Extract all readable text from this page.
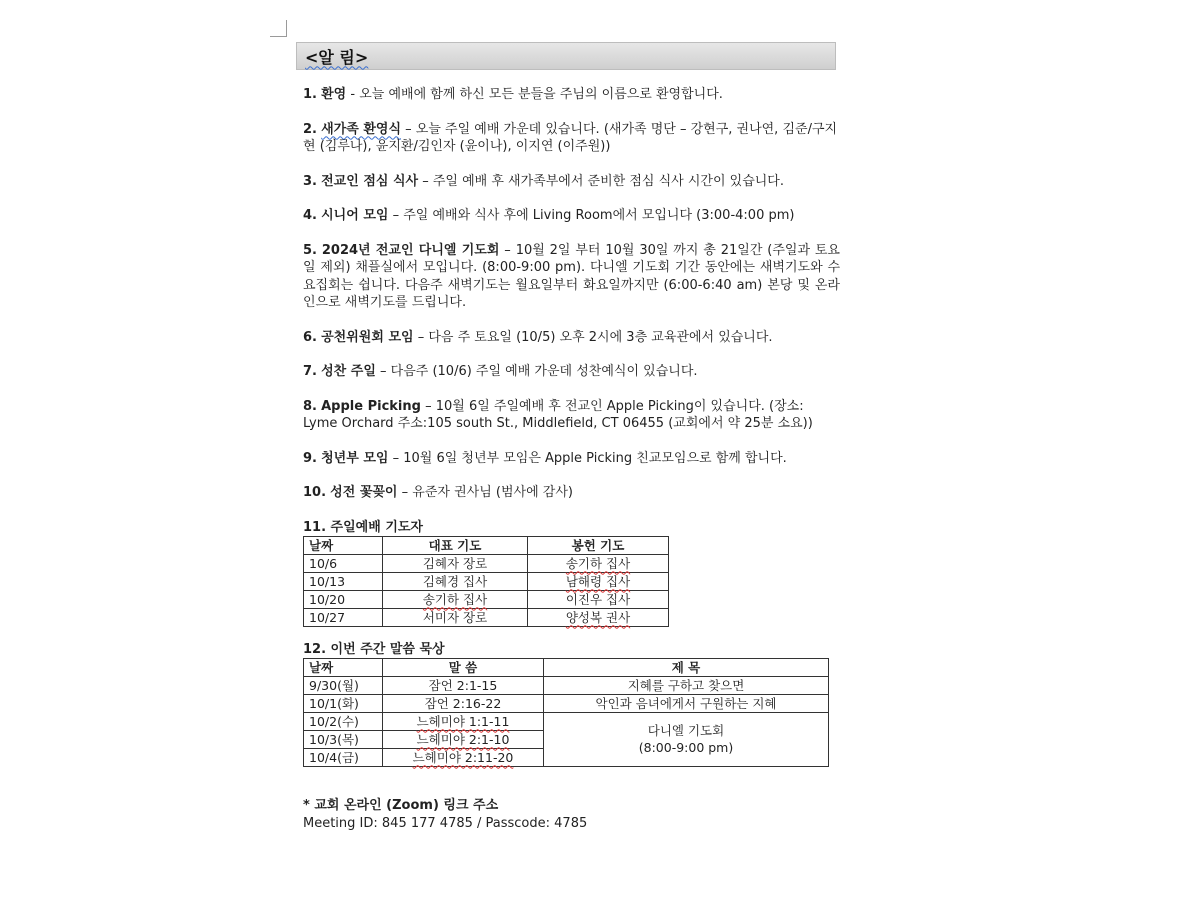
<알 림>

1. 환영 - 오늘 예배에 함께 하신 모든 분들을 주님의 이름으로 환영합니다.

2. 새가족 환영식 – 오늘 주일 예배 가운데 있습니다. (새가족 명단 – 강현구, 권나연, 김준/구지현 (김루나), 윤지환/김인자 (윤이나), 이지연 (이주원))

3. 전교인 점심 식사 – 주일 예배 후 새가족부에서 준비한 점심 식사 시간이 있습니다.

4. 시니어 모임 – 주일 예배와 식사 후에 Living Room에서 모입니다 (3:00-4:00 pm)

5. 2024년 전교인 다니엘 기도회 – 10월 2일 부터 10월 30일 까지 총 21일간 (주일과 토요일 제외) 채플실에서 모입니다. (8:00-9:00 pm). 다니엘 기도회 기간 동안에는 새벽기도와 수요집회는 쉽니다. 다음주 새벽기도는 월요일부터 화요일까지만 (6:00-6:40 am) 본당 및 온라인으로 새벽기도를 드립니다.

6. 공천위원회 모임 – 다음 주 토요일 (10/5) 오후 2시에 3층 교육관에서 있습니다.

7. 성찬 주일 – 다음주 (10/6) 주일 예배 가운데 성찬예식이 있습니다.

8. Apple Picking – 10월 6일 주일예배 후 전교인 Apple Picking이 있습니다. (장소: Lyme Orchard 주소:105 south St., Middlefield, CT 06455 (교회에서 약 25분 소요))

9. 청년부 모임 – 10월 6일 청년부 모임은 Apple Picking 친교모임으로 함께 합니다.

10. 성전 꽃꽂이 – 유준자 권사님 (범사에 감사)

11. 주일예배 기도자
날짜	대표 기도	봉헌 기도
10/6	김혜자 장로	송기하 집사
10/13	김혜경 집사	남해령 집사
10/20	송기하 집사	이진우 집사
10/27	서미자 장로	양성복 권사
12. 이번 주간 말씀 묵상
날짜	말 씀	제 목
9/30(월)	잠언 2:1-15	지혜를 구하고 찾으면
10/1(화)	잠언 2:16-22	악인과 음녀에게서 구원하는 지혜
10/2(수)	느헤미야 1:1-11	다니엘 기도회
(8:00-9:00 pm)

10/3(목)	느헤미야 2:1-10	
10/4(금)	느헤미야 2:11-20	
* 교회 온라인 (Zoom) 링크 주소
Meeting ID: 845 177 4785 / Passcode: 4785
